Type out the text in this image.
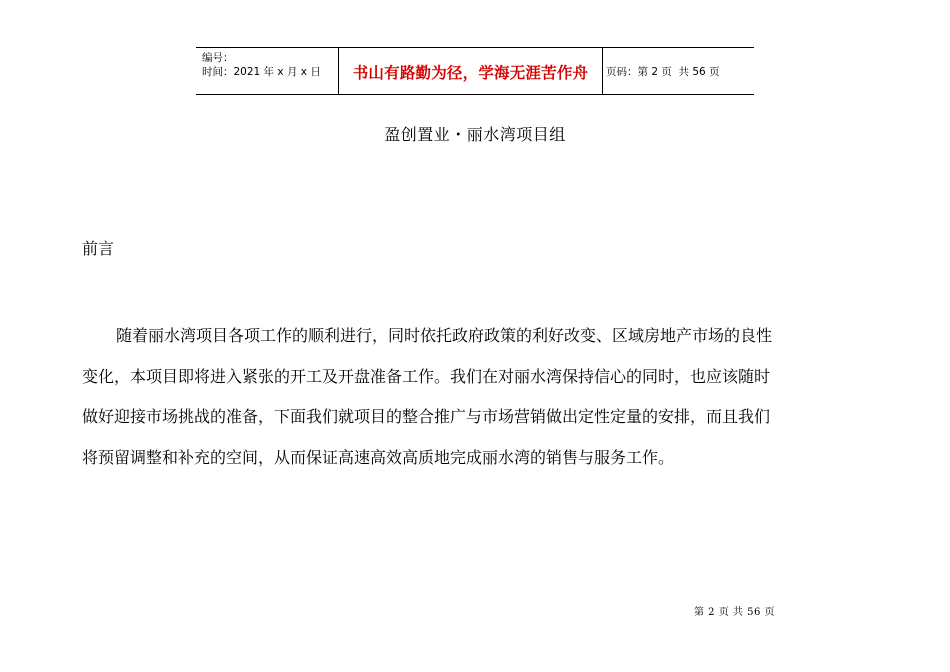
编号：
时间：2021 年 x 月 x 日	书山有路勤为径，学海无涯苦作舟	页码：第 2 页  共 56 页
盈创置业・丽水湾项目组
前言

随着丽水湾项目各项工作的顺利进行，同时依托政府政策的利好改变、区域房地产市场的良性

变化，本项目即将进入紧张的开工及开盘准备工作。我们在对丽水湾保持信心的同时，也应该随时

做好迎接市场挑战的准备，下面我们就项目的整合推广与市场营销做出定性定量的安排，而且我们

将预留调整和补充的空间，从而保证高速高效高质地完成丽水湾的销售与服务工作。

第 2 页 共 56 页
